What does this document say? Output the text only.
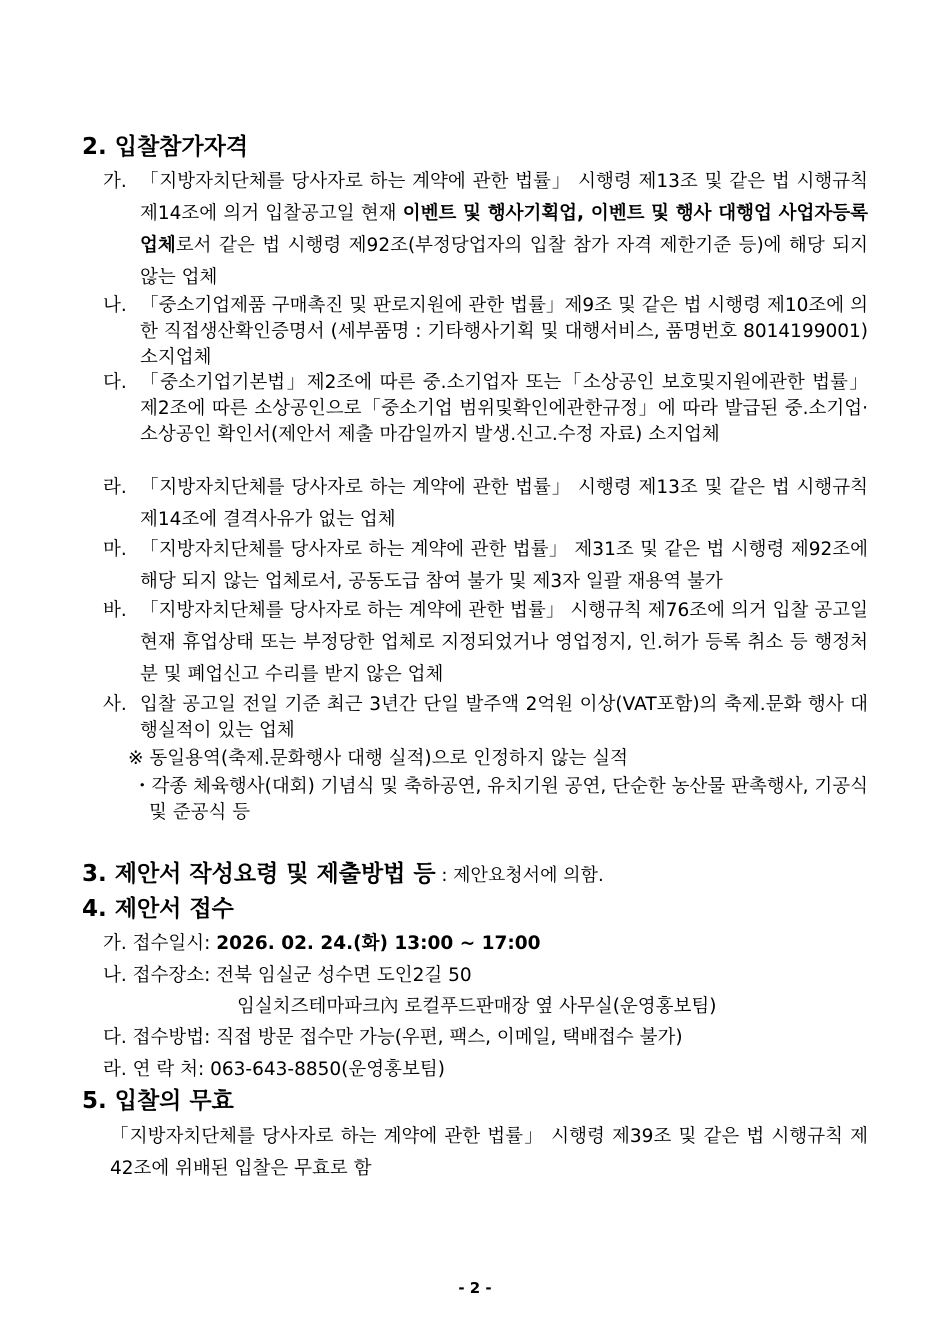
2. 입찰참가자격
가. 「지방자치단체를 당사자로 하는 계약에 관한 법률」 시행령 제13조 및 같은 법 시행규칙 제14조에 의거 입찰공고일 현재 이벤트 및 행사기획업, 이벤트 및 행사 대행업 사업자등록 업체로서 같은 법 시행령 제92조(부정당업자의 입찰 참가 자격 제한기준 등)에 해당 되지 않는 업체
나. 「중소기업제품 구매촉진 및 판로지원에 관한 법률」제9조 및 같은 법 시행령 제10조에 의한 직접생산확인증명서 (세부품명 : 기타행사기획 및 대행서비스, 품명번호 8014199001)소지업체
다. 「중소기업기본법」제2조에 따른 중.소기업자 또는「소상공인 보호및지원에관한 법률」제2조에 따른 소상공인으로「중소기업 범위및확인에관한규정」에 따라 발급된 중.소기업·소상공인 확인서(제안서 제출 마감일까지 발생.신고.수정 자료) 소지업체
라. 「지방자치단체를 당사자로 하는 계약에 관한 법률」 시행령 제13조 및 같은 법 시행규칙 제14조에 결격사유가 없는 업체
마. 「지방자치단체를 당사자로 하는 계약에 관한 법률」 제31조 및 같은 법 시행령 제92조에 해당 되지 않는 업체로서, 공동도급 참여 불가 및 제3자 일괄 재용역 불가
바. 「지방자치단체를 당사자로 하는 계약에 관한 법률」 시행규칙 제76조에 의거 입찰 공고일 현재 휴업상태 또는 부정당한 업체로 지정되었거나 영업정지, 인.허가 등록 취소 등 행정처분 및 폐업신고 수리를 받지 않은 업체
사. 입찰 공고일 전일 기준 최근 3년간 단일 발주액 2억원 이상(VAT포함)의 축제.문화 행사 대행실적이 있는 업체
※ 동일용역(축제.문화행사 대행 실적)으로 인정하지 않는 실적
・각종 체육행사(대회) 기념식 및 축하공연, 유치기원 공연, 단순한 농산물 판촉행사, 기공식 및 준공식 등
3. 제안서 작성요령 및 제출방법 등 : 제안요청서에 의함.
4. 제안서 접수
가. 접수일시: 2026. 02. 24.(화) 13:00 ~ 17:00
나. 접수장소: 전북 임실군 성수면 도인2길 50
임실치즈테마파크內 로컬푸드판매장 옆 사무실(운영홍보팀)
다. 접수방법: 직접 방문 접수만 가능(우편, 팩스, 이메일, 택배접수 불가)
라. 연 락 처: 063-643-8850(운영홍보팀)
5. 입찰의 무효
「지방자치단체를 당사자로 하는 계약에 관한 법률」 시행령 제39조 및 같은 법 시행규칙 제42조에 위배된 입찰은 무효로 함
- 2 -
